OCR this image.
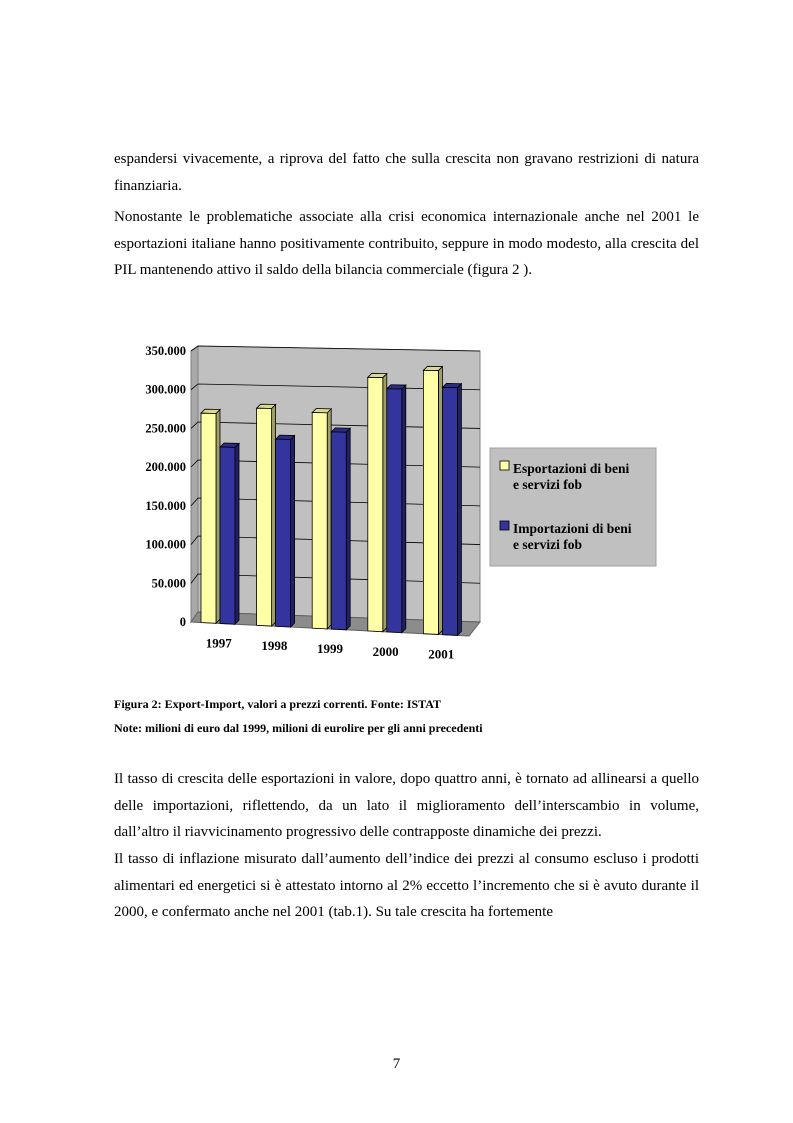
espandersi vivacemente, a riprova del fatto che sulla crescita non gravano restrizioni di natura finanziaria.

Nonostante le problematiche associate alla crisi economica internazionale anche nel 2001 le esportazioni italiane hanno positivamente contribuito, seppure in modo modesto, alla crescita del PIL mantenendo attivo il saldo della bilancia commerciale (figura 2 ).

0
50.000
100.000
150.000
200.000
250.000
300.000
350.000
1997 1998 1999 2000 2001
Esportazioni di beni
e servizi fob
Importazioni di beni
e servizi fob

Figura 2: Export-Import, valori a prezzi correnti. Fonte: ISTAT

Note: milioni di euro dal 1999, milioni di eurolire per gli anni precedenti

Il tasso di crescita delle esportazioni in valore, dopo quattro anni, è tornato ad allinearsi a quello delle importazioni, riflettendo, da un lato il miglioramento dell’interscambio in volume, dall’altro il riavvicinamento progressivo delle contrapposte dinamiche dei prezzi.

Il tasso di inflazione misurato dall’aumento dell’indice dei prezzi al consumo escluso i prodotti alimentari ed energetici si è attestato intorno al 2% eccetto l’incremento che si è avuto durante il 2000, e confermato anche nel 2001 (tab.1). Su tale crescita ha fortemente

7
